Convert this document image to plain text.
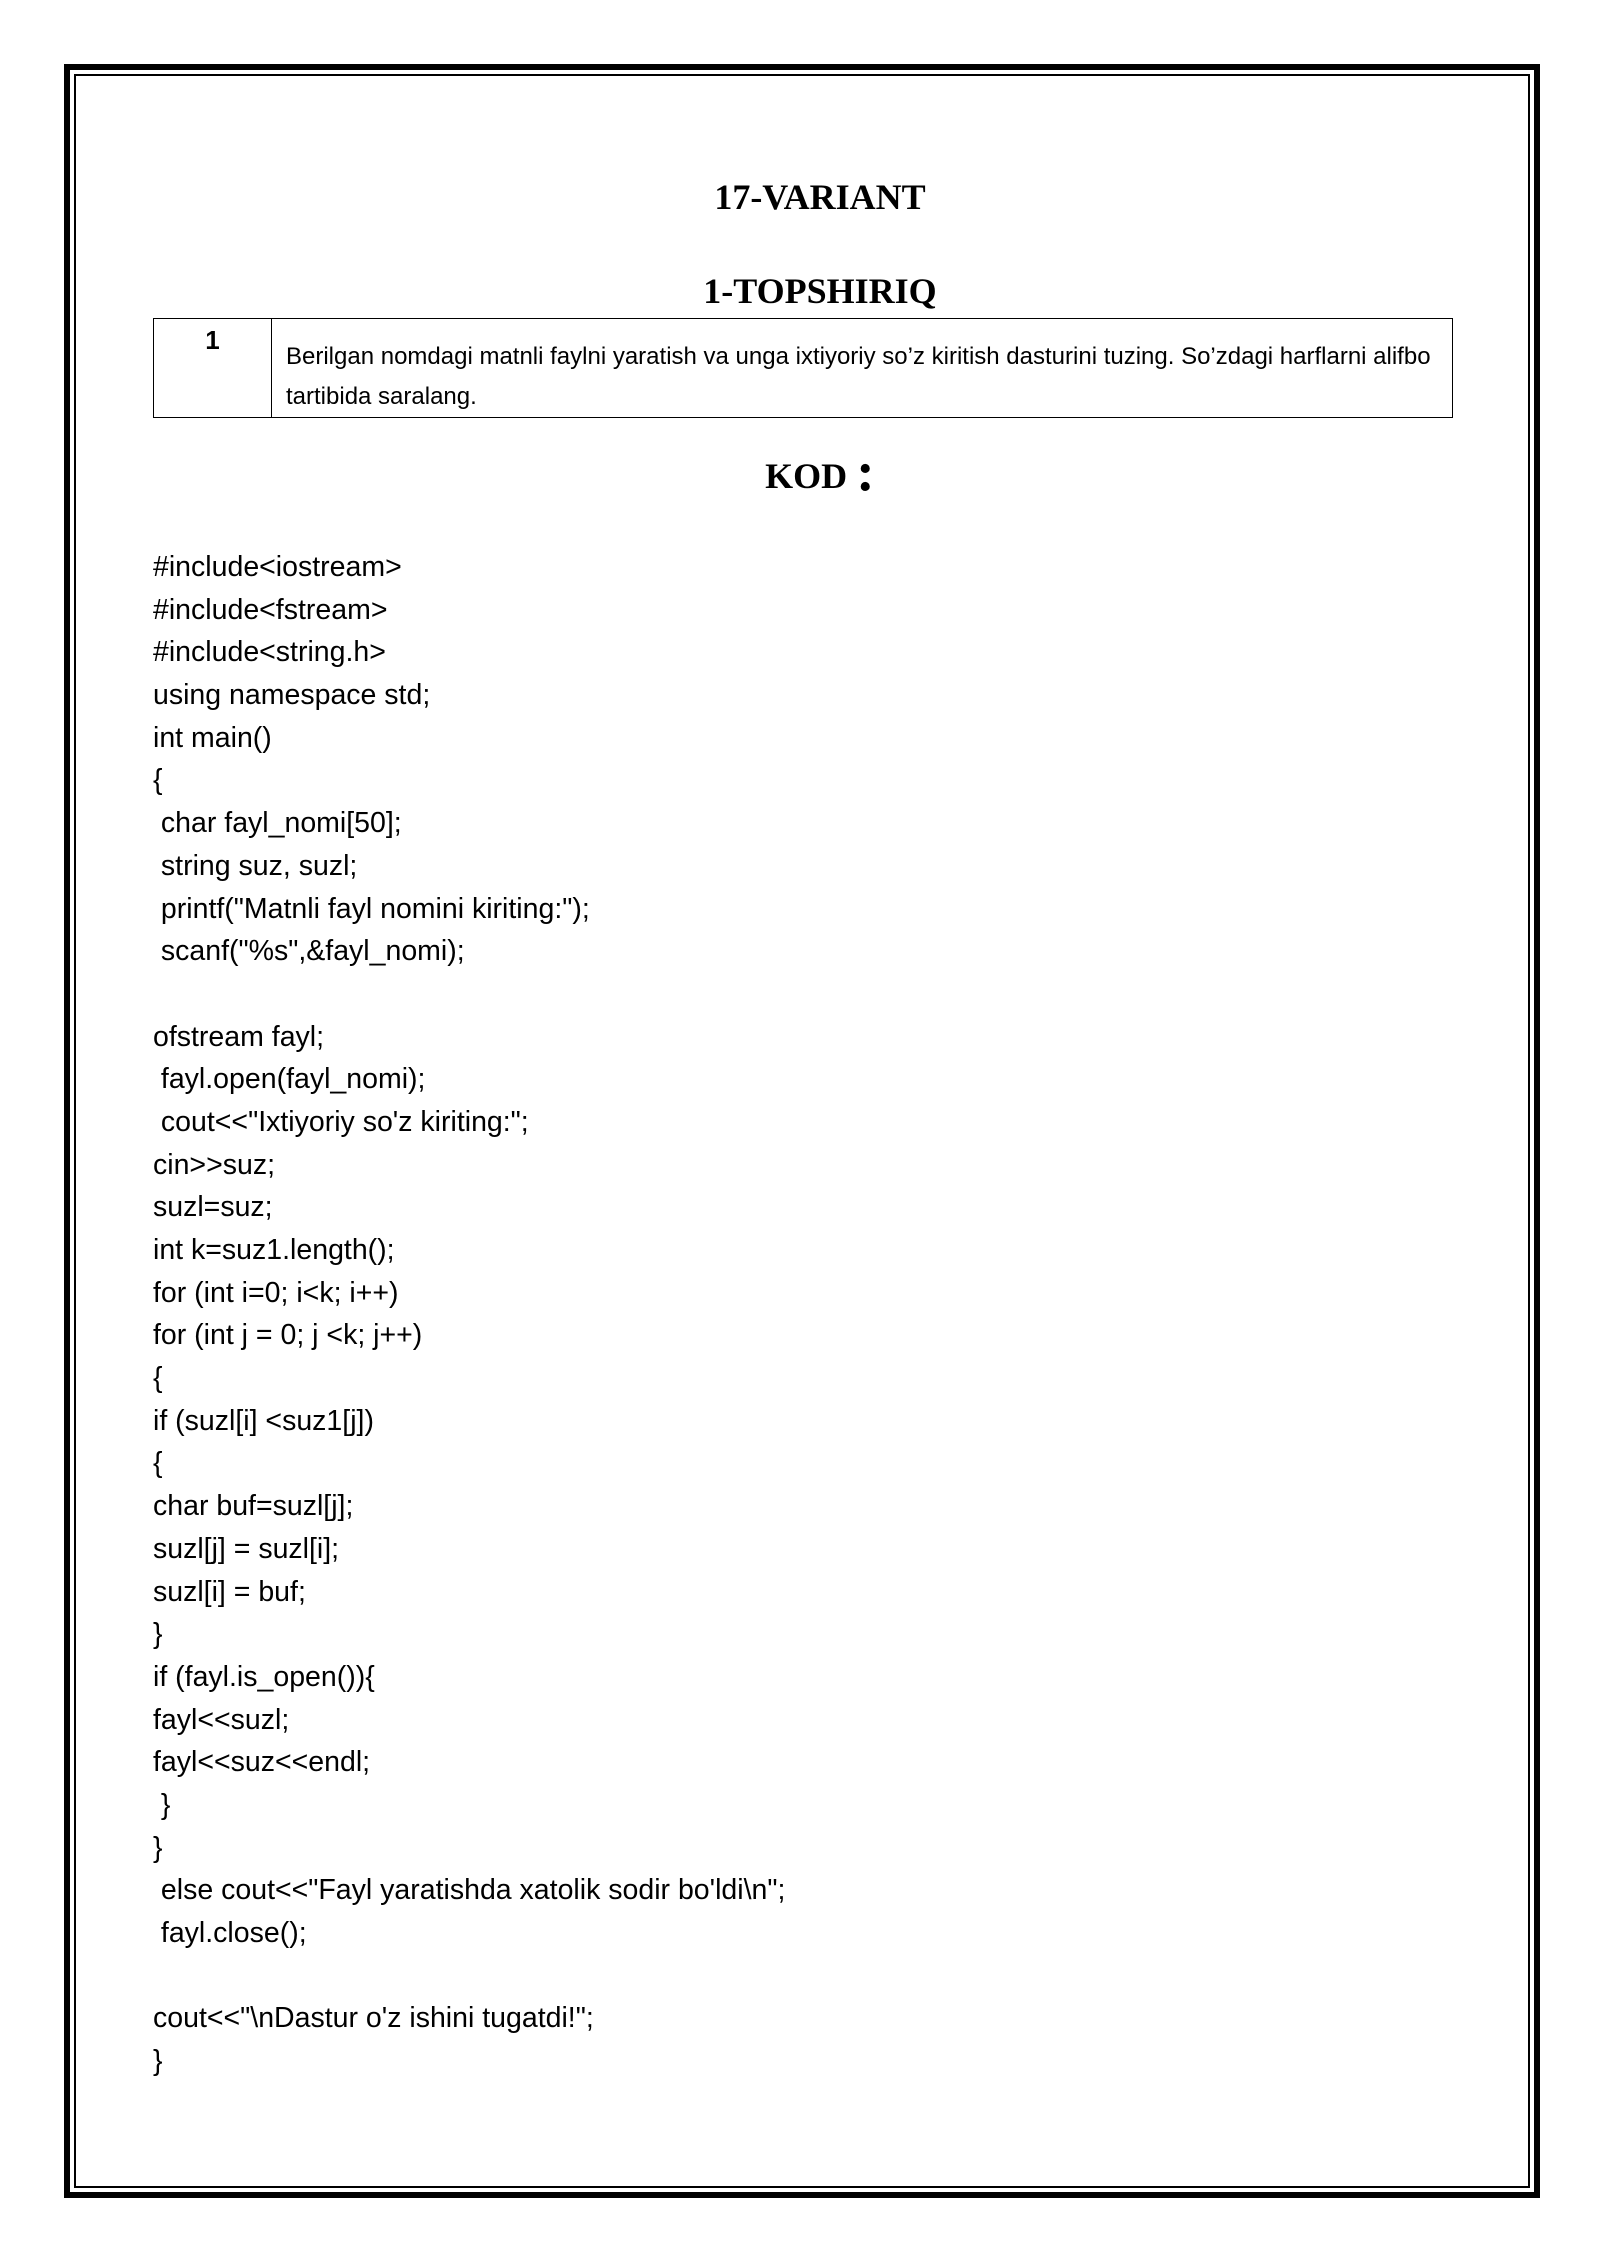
17-VARIANT
1-TOPSHIRIQ
1
Berilgan nomdagi matnli faylni yaratish va unga ixtiyoriy so’z kiritish dasturini tuzing. So’zdagi harflarni alifbo tartibida saralang.
KOD :
#include<iostream>
#include<fstream>
#include<string.h>
using namespace std;
int main()
{
char fayl_nomi[50];
string suz, suzl;
printf("Matnli fayl nomini kiriting:");
scanf("%s",&fayl_nomi);
ofstream fayl;
fayl.open(fayl_nomi);
cout<<"Ixtiyoriy so'z kiriting:";
cin>>suz;
suzl=suz;
int k=suz1.length();
for (int i=0; i<k; i++)
for (int j = 0; j <k; j++)
{
if (suzl[i] <suz1[j])
{
char buf=suzl[j];
suzl[j] = suzl[i];
suzl[i] = buf;
}
if (fayl.is_open()){
fayl<<suzl;
fayl<<suz<<endl;
}
}
else cout<<"Fayl yaratishda xatolik sodir bo'ldi\n";
fayl.close();
cout<<"\nDastur o'z ishini tugatdi!";
}
